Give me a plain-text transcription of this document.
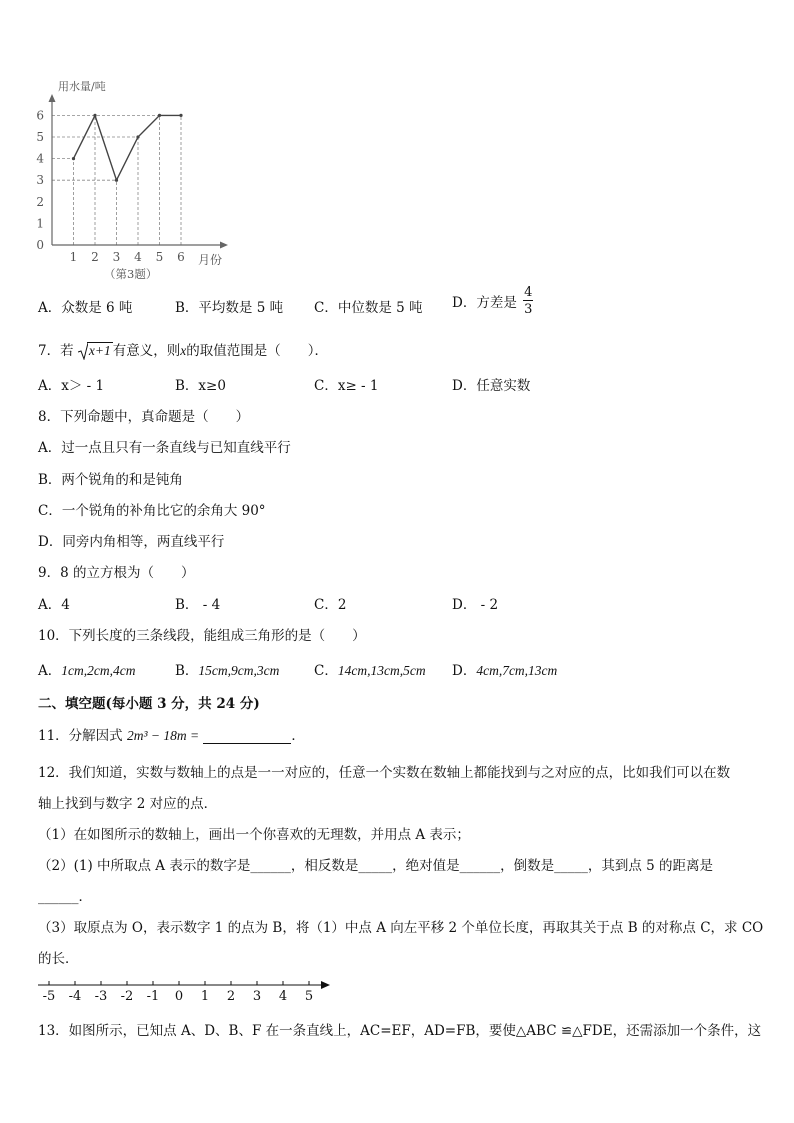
0
1
2
3
4
5
6
1 2 3 4 5 6
用水量/吨
月份
（第3题）
A．众数是 6 吨	B．平均数是 5 吨 C．中位数是 5 吨 D．方差是 $\frac{4}{3}$
7．若 x+1 有意义，则x的取值范围是（　　）．
A．x＞ - 1	B．x≥0	C．x≥ - 1	D．任意实数
8．下列命题中，真命题是（　　）
A．过一点且只有一条直线与已知直线平行
B．两个锐角的和是钝角
C．一个锐角的补角比它的余角大 90°
D．同旁内角相等，两直线平行
9．8 的立方根为（　　）
A．4	B． - 4	C．2	D． - 2
10．下列长度的三条线段，能组成三角形的是（　　）
A．1cm,2cm,4cm	B．15cm,9cm,3cm	C．14cm,13cm,5cm D．4cm,7cm,13cm
二、填空题(每小题 3 分，共 24 分)
11．分解因式 2m³ − 18m =	．
12．我们知道，实数与数轴上的点是一一对应的，任意一个实数在数轴上都能找到与之对应的点，比如我们可以在数
轴上找到与数字 2 对应的点．
（1）在如图所示的数轴上，画出一个你喜欢的无理数，并用点 A 表示；
（2）(1) 中所取点 A 表示的数字是______，相反数是_____，绝对值是______，倒数是_____，其到点 5 的距离是
______．
（3）取原点为 O，表示数字 1 的点为 B，将（1）中点 A 向左平移 2 个单位长度，再取其关于点 B 的对称点 C，求 CO
的长．
-5 -4 -3 -2 -1 0 1 2 3 4 5
13．如图所示，已知点 A、D、B、F 在一条直线上，AC=EF，AD=FB，要使△ABC ≌△FDE，还需添加一个条件，这
